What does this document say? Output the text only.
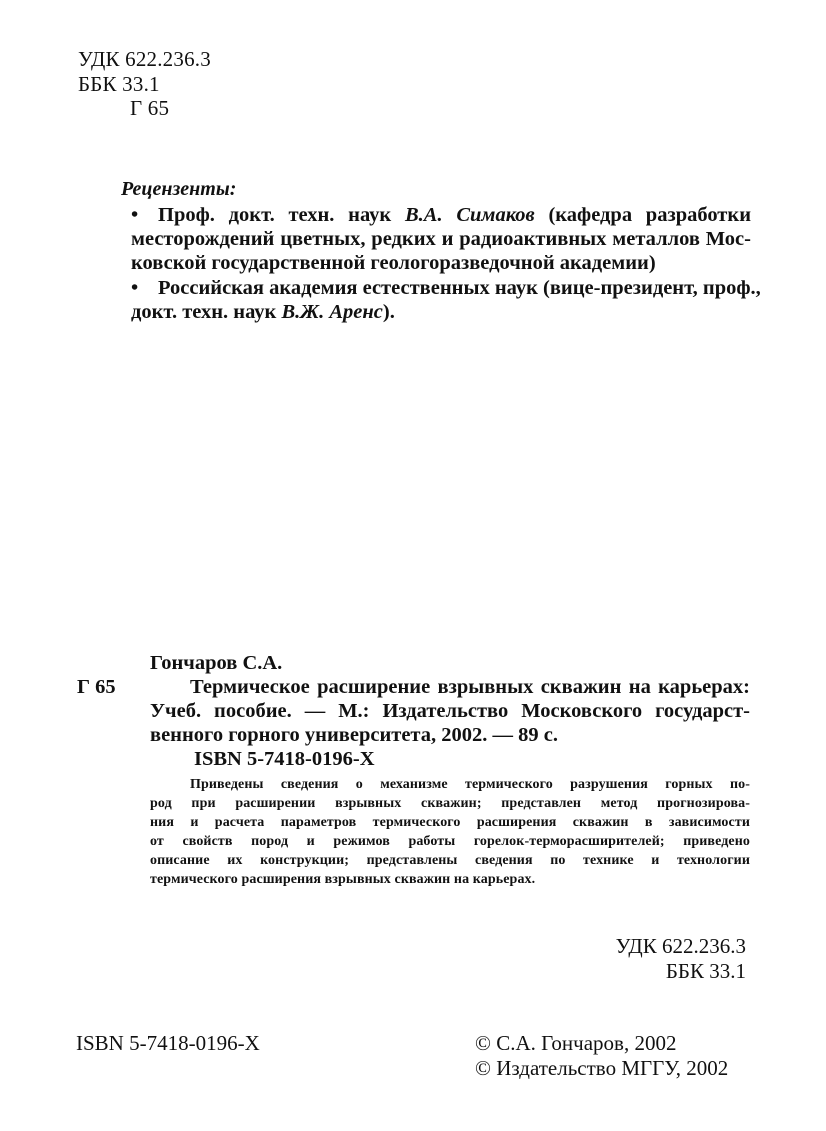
УДК 622.236.3
ББК 33.1
Г 65
Рецензенты:
• Проф. докт. техн. наук В.А. Симаков (кафедра разработки
месторождений цветных, редких и радиоактивных металлов Мос-
ковской государственной геологоразведочной академии)
• Российская академия естественных наук (вице-президент, проф.,
докт. техн. наук В.Ж. Аренс).
Гончаров С.А.
Г 65	Термическое расширение взрывных скважин на карьерах:
Учеб. пособие. — М.: Издательство Московского государст-
венного горного университета, 2002. — 89 с.
ISBN 5-7418-0196-Х
Приведены сведения о механизме термического разрушения горных по-
род при расширении взрывных скважин; представлен метод прогнозирова-
ния и расчета параметров термического расширения скважин в зависимости
от свойств пород и режимов работы горелок-терморасширителей; приведено
описание их конструкции; представлены сведения по технике и технологии
термического расширения взрывных скважин на карьерах.
УДК 622.236.3
ББК 33.1
ISBN 5-7418-0196-Х	© С.А. Гончаров, 2002
© Издательство МГГУ, 2002
